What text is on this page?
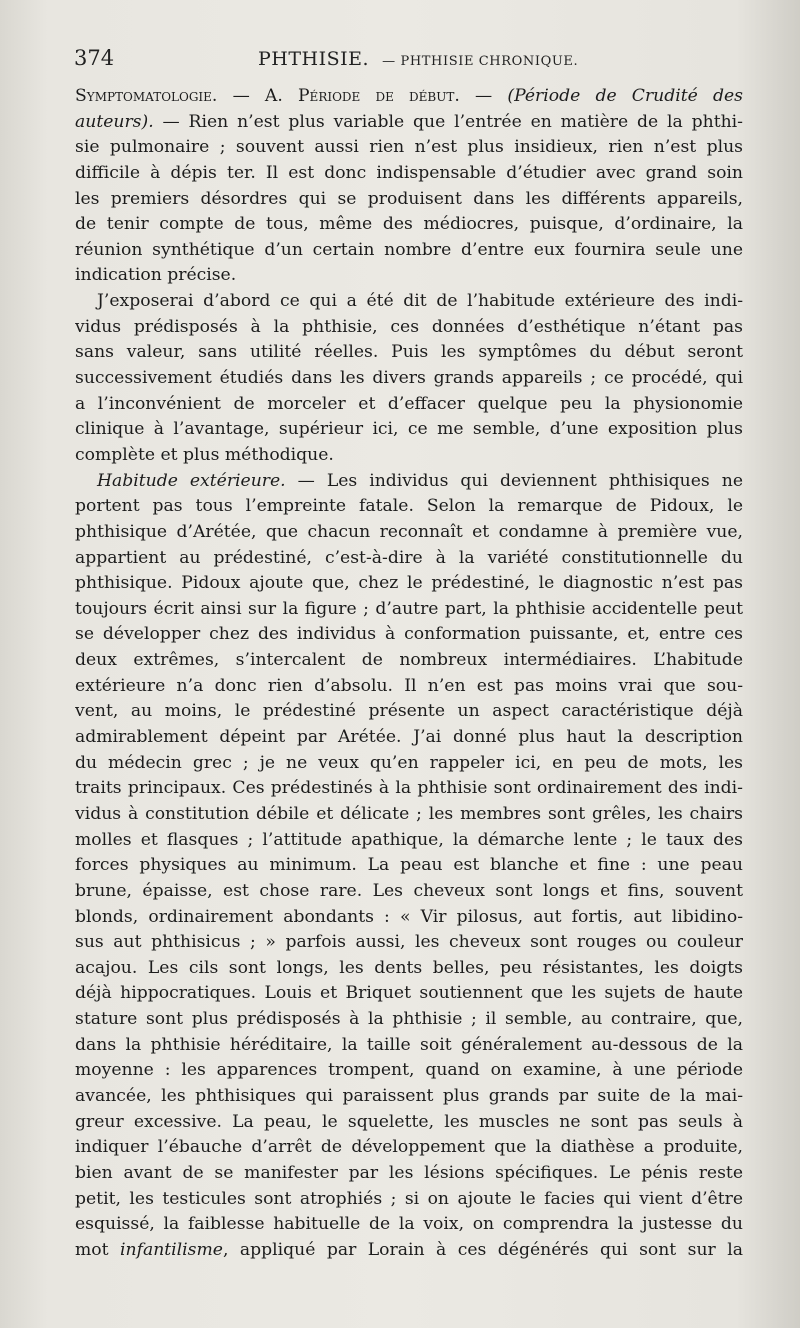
374	PHTHISIE. — PHTHISIE CHRONIQUE.
Symptomatologie. — A. Période de début. — (Période de Crudité des
auteurs). — Rien n’est plus variable que l’entrée en matière de la phthi-
sie pulmonaire ; souvent aussi rien n’est plus insidieux, rien n’est plus
difficile à dépis ter. Il est donc indispensable d’étudier avec grand soin
les premiers désordres qui se produisent dans les différents appareils,
de tenir compte de tous, même des médiocres, puisque, d’ordinaire, la
réunion synthétique d’un certain nombre d’entre eux fournira seule une
indication précise.
J’exposerai d’abord ce qui a été dit de l’habitude extérieure des indi-
vidus prédisposés à la phthisie, ces données d’esthétique n’étant pas
sans valeur, sans utilité réelles. Puis les symptômes du début seront
successivement étudiés dans les divers grands appareils ; ce procédé, qui
a l’inconvénient de morceler et d’effacer quelque peu la physionomie
clinique à l’avantage, supérieur ici, ce me semble, d’une exposition plus
complète et plus méthodique.
Habitude extérieure. — Les individus qui deviennent phthisiques ne
portent pas tous l’empreinte fatale. Selon la remarque de Pidoux, le
phthisique d’Arétée, que chacun reconnaît et condamne à première vue,
appartient au prédestiné, c’est-à-dire à la variété constitutionnelle du
phthisique. Pidoux ajoute que, chez le prédestiné, le diagnostic n’est pas
toujours écrit ainsi sur la figure ; d’autre part, la phthisie accidentelle peut
se développer chez des individus à conformation puissante, et, entre ces
deux extrêmes, s’intercalent de nombreux intermédiaires. L’habitude
extérieure n’a donc rien d’absolu. Il n’en est pas moins vrai que sou-
vent, au moins, le prédestiné présente un aspect caractéristique déjà
admirablement dépeint par Arétée. J’ai donné plus haut la description
du médecin grec ; je ne veux qu’en rappeler ici, en peu de mots, les
traits principaux. Ces prédestinés à la phthisie sont ordinairement des indi-
vidus à constitution débile et délicate ; les membres sont grêles, les chairs
molles et flasques ; l’attitude apathique, la démarche lente ; le taux des
forces physiques au minimum. La peau est blanche et fine : une peau
brune, épaisse, est chose rare. Les cheveux sont longs et fins, souvent
blonds, ordinairement abondants : « Vir pilosus, aut fortis, aut libidino-
sus aut phthisicus ; » parfois aussi, les cheveux sont rouges ou couleur
acajou. Les cils sont longs, les dents belles, peu résistantes, les doigts
déjà hippocratiques. Louis et Briquet soutiennent que les sujets de haute
stature sont plus prédisposés à la phthisie ; il semble, au contraire, que,
dans la phthisie héréditaire, la taille soit généralement au-dessous de la
moyenne : les apparences trompent, quand on examine, à une période
avancée, les phthisiques qui paraissent plus grands par suite de la mai-
greur excessive. La peau, le squelette, les muscles ne sont pas seuls à
indiquer l’ébauche d’arrêt de développement que la diathèse a produite,
bien avant de se manifester par les lésions spécifiques. Le pénis reste
petit, les testicules sont atrophiés ; si on ajoute le facies qui vient d’être
esquissé, la faiblesse habituelle de la voix, on comprendra la justesse du
mot infantilisme, appliqué par Lorain à ces dégénérés qui sont sur la
